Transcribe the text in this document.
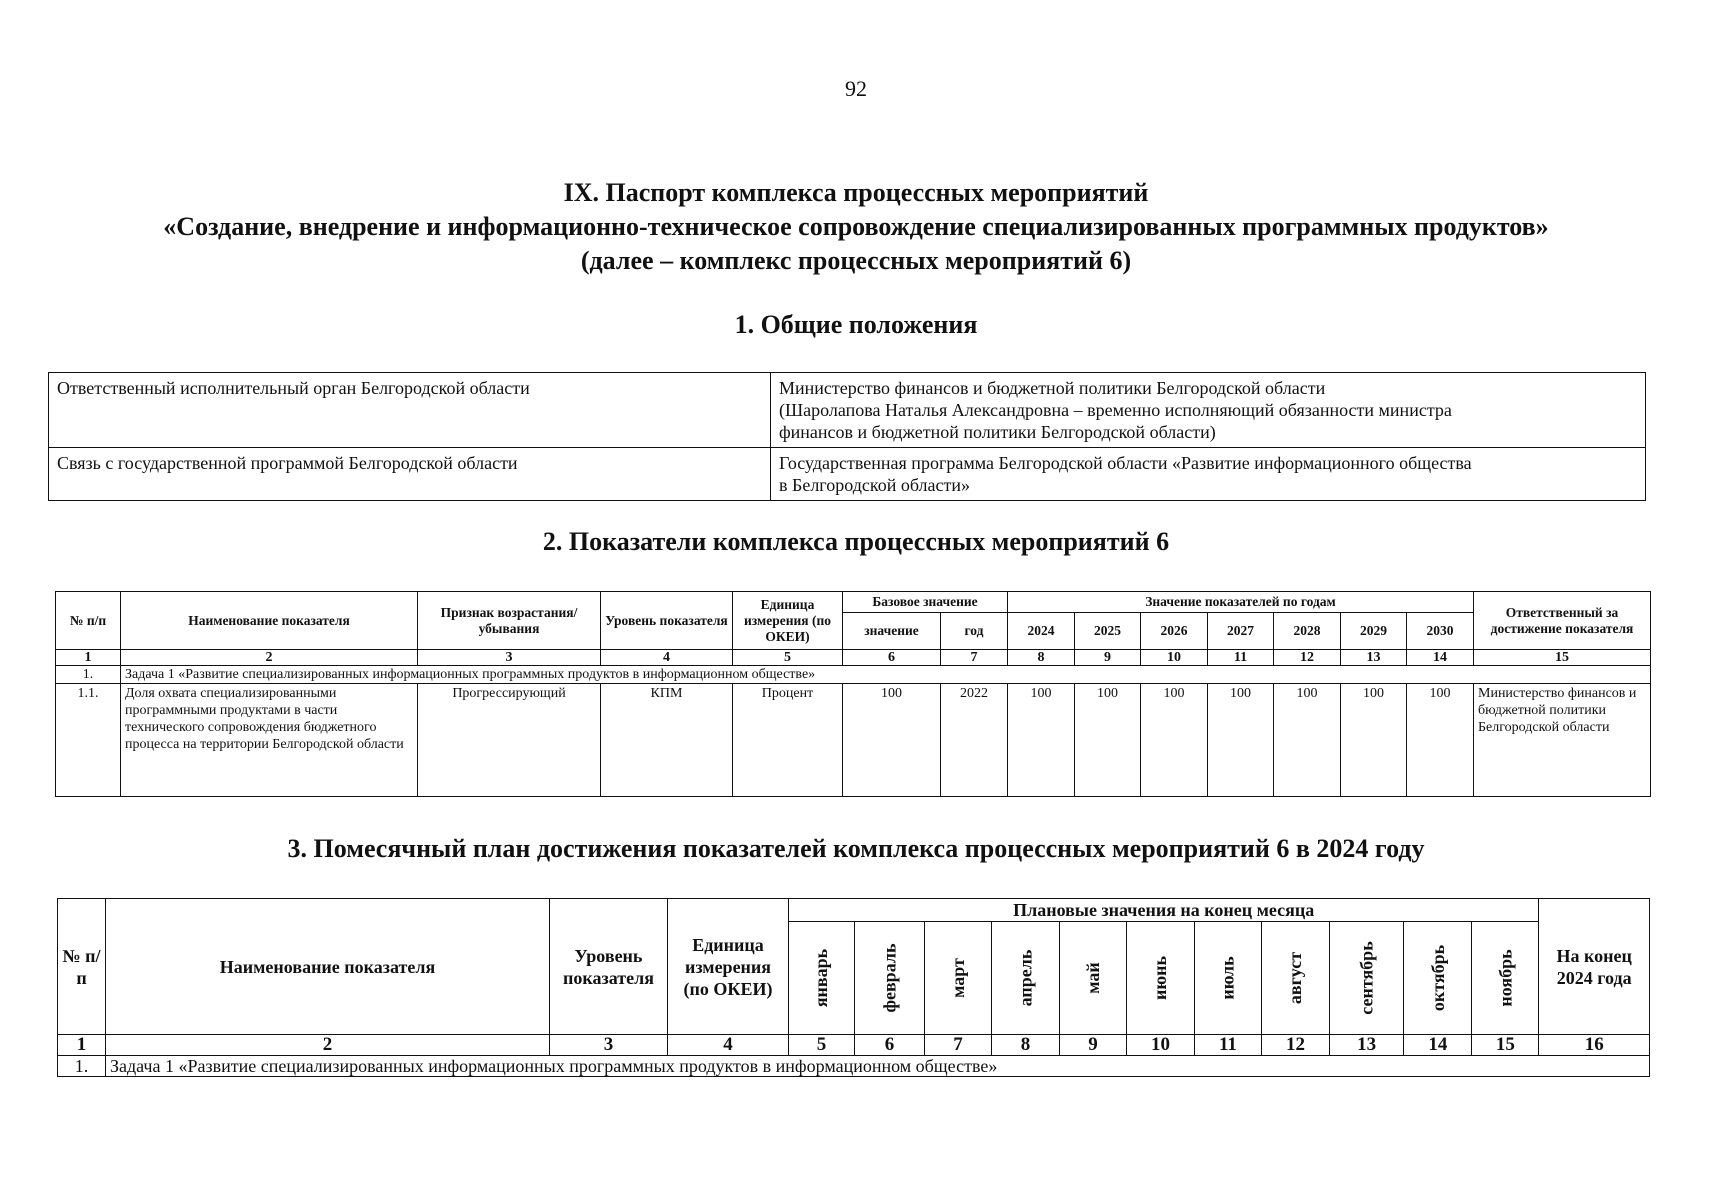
92
IX. Паспорт комплекса процессных мероприятий
«Создание, внедрение и информационно-техническое сопровождение специализированных программных продуктов»
(далее – комплекс процессных мероприятий 6)
1. Общие положения
Ответственный исполнительный орган Белгородской области	Министерство финансов и бюджетной политики Белгородской области
(Шаролапова Наталья Александровна – временно исполняющий обязанности министра
финансов и бюджетной политики Белгородской области)

Связь с государственной программой Белгородской области	Государственная программа Белгородской области «Развитие информационного общества
в Белгородской области»
2. Показатели комплекса процессных мероприятий 6
№ п/п	Наименование показателя	Признак возрастания/ убывания	Уровень показателя	Единица измерения (по ОКЕИ)	Базовое значение		Значение показателей по годам							Ответственный за достижение показателя
					значение	год	2024	2025	2026	2027	2028	2029	2030	
1	2	3	4	5	6	7	8	9	10	11	12	13	14	15
1.	Задача 1 «Развитие специализированных информационных программных продуктов в информационном обществе»													
1.1.	Доля охвата специализированными программными продуктами в части технического сопровождения бюджетного процесса на территории Белгородской области	Прогрессирующий	КПМ	Процент	100	2022	100	100	100	100	100	100	100	Министерство финансов и бюджетной политики Белгородской области
3. Помесячный план достижения показателей комплекса процессных мероприятий 6 в 2024 году
№ п/п	Наименование показателя	Уровень показателя	Единица измерения (по ОКЕИ)	Плановые значения на конец месяца											На конец 2024 года
				январь	февраль	март	апрель	май	июнь	июль	август	сентябрь	октябрь	ноябрь	
1	2	3	4	5	6	7	8	9	10	11	12	13	14	15	16
1.	Задача 1 «Развитие специализированных информационных программных продуктов в информационном обществе»														
